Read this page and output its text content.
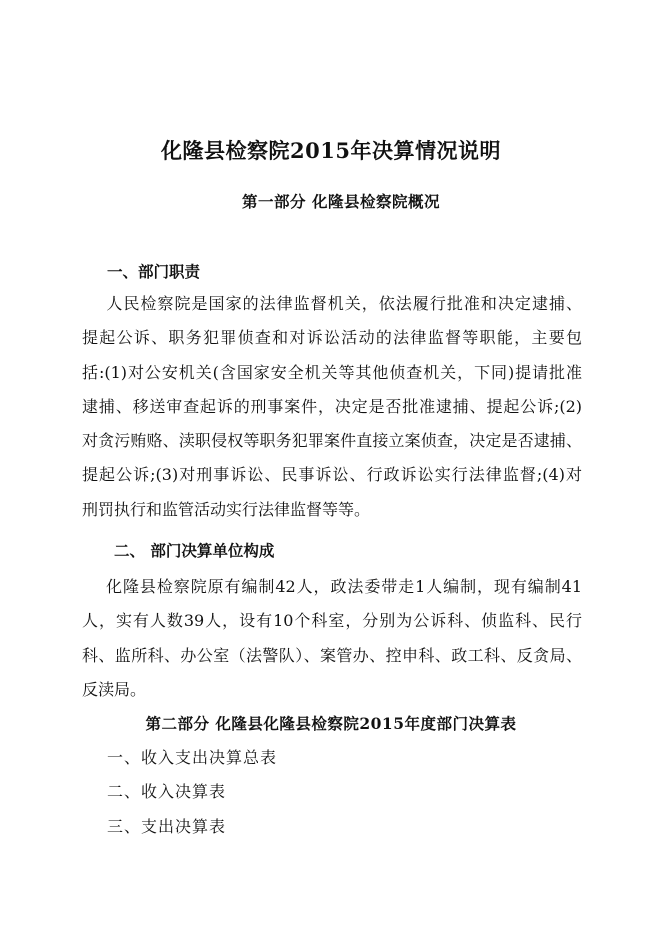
化隆县检察院2015年决算情况说明
第一部分 化隆县检察院概况
一、部门职责
人民检察院是国家的法律监督机关，依法履行批准和决定逮捕、
提起公诉、职务犯罪侦查和对诉讼活动的法律监督等职能，主要包
括:(1)对公安机关(含国家安全机关等其他侦查机关，下同)提请批准
逮捕、移送审查起诉的刑事案件，决定是否批准逮捕、提起公诉;(2)
对贪污贿赂、渎职侵权等职务犯罪案件直接立案侦查，决定是否逮捕、
提起公诉;(3)对刑事诉讼、民事诉讼、行政诉讼实行法律监督;(4)对
刑罚执行和监管活动实行法律监督等等。
二、 部门决算单位构成
化隆县检察院原有编制42人，政法委带走1人编制，现有编制41
人，实有人数39人，设有10个科室，分别为公诉科、侦监科、民行
科、监所科、办公室（法警队）、案管办、控申科、政工科、反贪局、
反渎局。
第二部分 化隆县化隆县检察院2015年度部门决算表
一、收入支出决算总表
二、收入决算表
三、支出决算表
